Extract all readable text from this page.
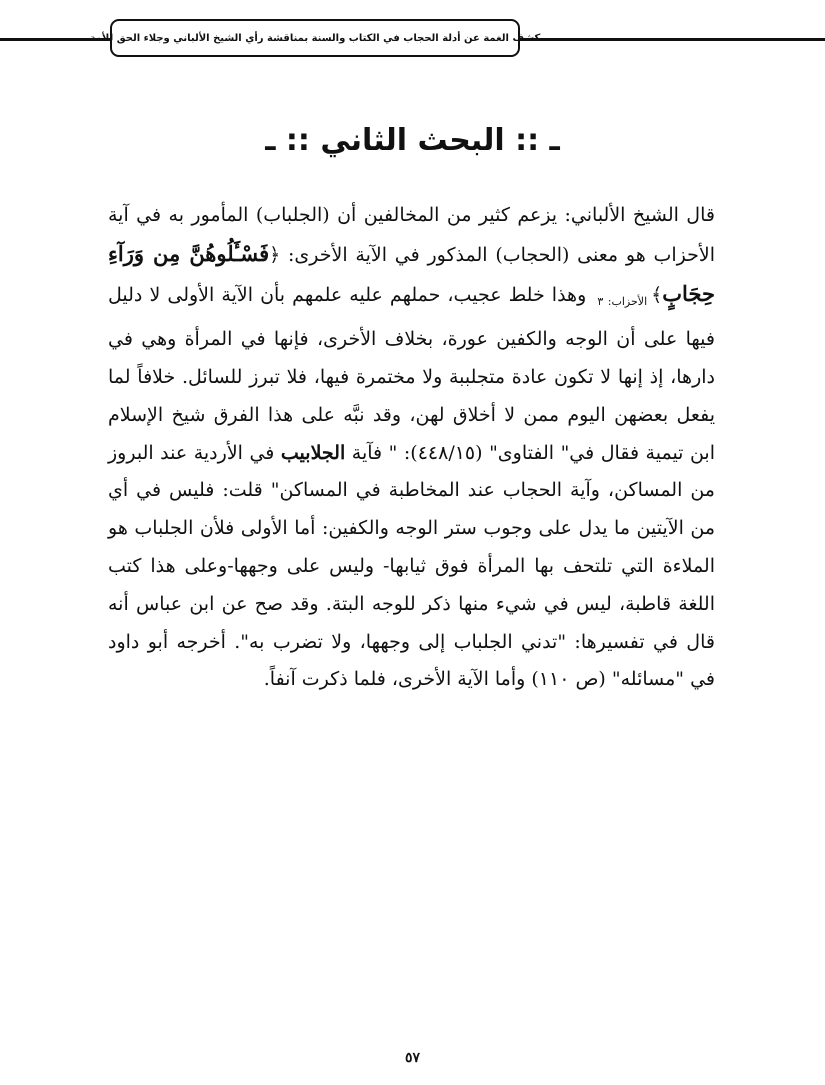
كشف الغمة عن أدلة الحجاب في الكتاب والسنة بمناقشة رأي الشيخ الألباني وجلاء الحق للأمة
ـ :: البحث الثاني :: ـ
قال الشيخ الألباني: يزعم كثير من المخالفين أن (الجلباب) المأمور به في آية الأحزاب هو معنى (الحجاب) المذكور في الآية الأخرى: ﴿فَسْـَٔلُوهُنَّ مِن وَرَآءِ $حِجَابٍ﴾_{الأحزاب: ٣}$ وهذا خلط عجيب، حملهم عليه علمهم بأن الآية الأولى لا دليل فيها على أن الوجه والكفين عورة، بخلاف الأخرى، فإنها في المرأة وهي في دارها، إذ إنها لا تكون عادة متجلببة ولا مختمرة فيها، فلا تبرز للسائل. خلافاً لما يفعل بعضهن اليوم ممن لا أخلاق لهن، وقد نبَّه على هذا الفرق شيخ الإسلام ابن تيمية فقال في" الفتاوى" (٤٤٨/١٥): " فآية الجلابيب في الأردية عند البروز من المساكن، وآية الحجاب عند المخاطبة في المساكن" قلت: فليس في أي من الآيتين ما يدل على وجوب ستر الوجه والكفين: أما الأولى فلأن الجلباب هو الملاءة التي تلتحف بها المرأة فوق ثيابها- وليس على وجهها-وعلى هذا كتب اللغة قاطبة، ليس في شيء منها ذكر للوجه البتة. وقد صح عن ابن عباس أنه قال في تفسيرها: "تدني الجلباب إلى وجهها، ولا تضرب به". أخرجه أبو داود في "مسائله" (ص ١١٠) وأما الآية الأخرى، فلما ذكرت آنفاً.
٥٧
